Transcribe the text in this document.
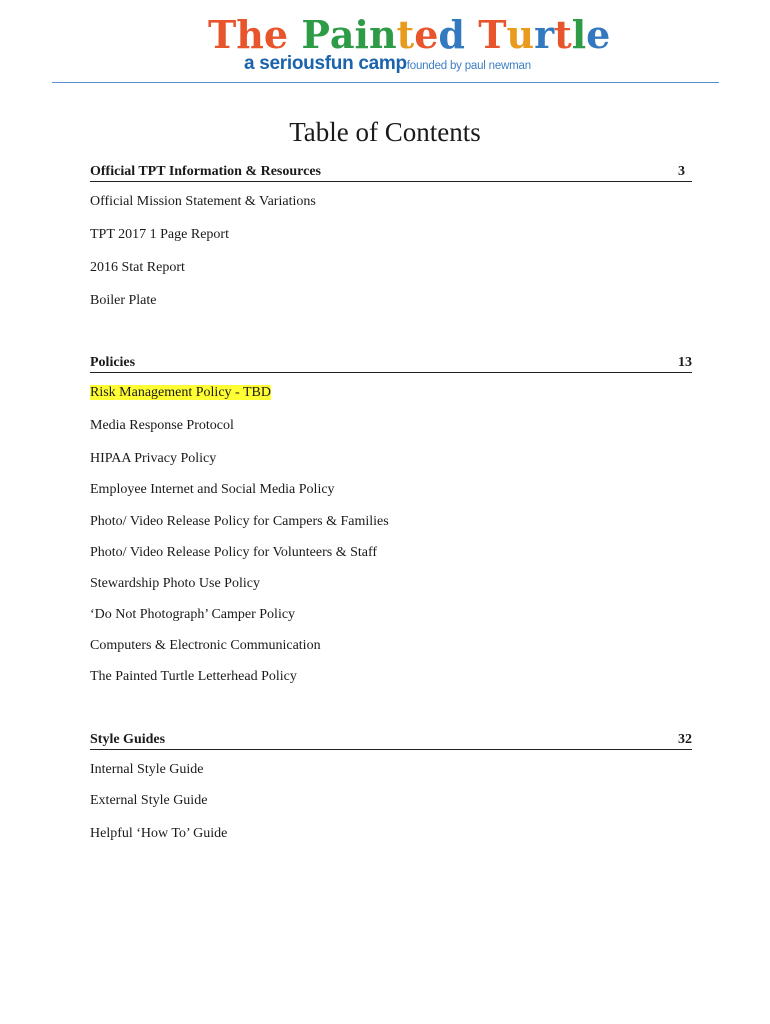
The Painted Turtle
a seriousfun campfounded by paul newman
Table of Contents
Official TPT Information & Resources	3
Official Mission Statement & Variations
TPT 2017 1 Page Report
2016 Stat Report
Boiler Plate
Policies	13
Risk Management Policy - TBD
Media Response Protocol
HIPAA Privacy Policy
Employee Internet and Social Media Policy
Photo/ Video Release Policy for Campers & Families
Photo/ Video Release Policy for Volunteers & Staff
Stewardship Photo Use Policy
‘Do Not Photograph’ Camper Policy
Computers & Electronic Communication
The Painted Turtle Letterhead Policy
Style Guides	32
Internal Style Guide
External Style Guide
Helpful ‘How To’ Guide
